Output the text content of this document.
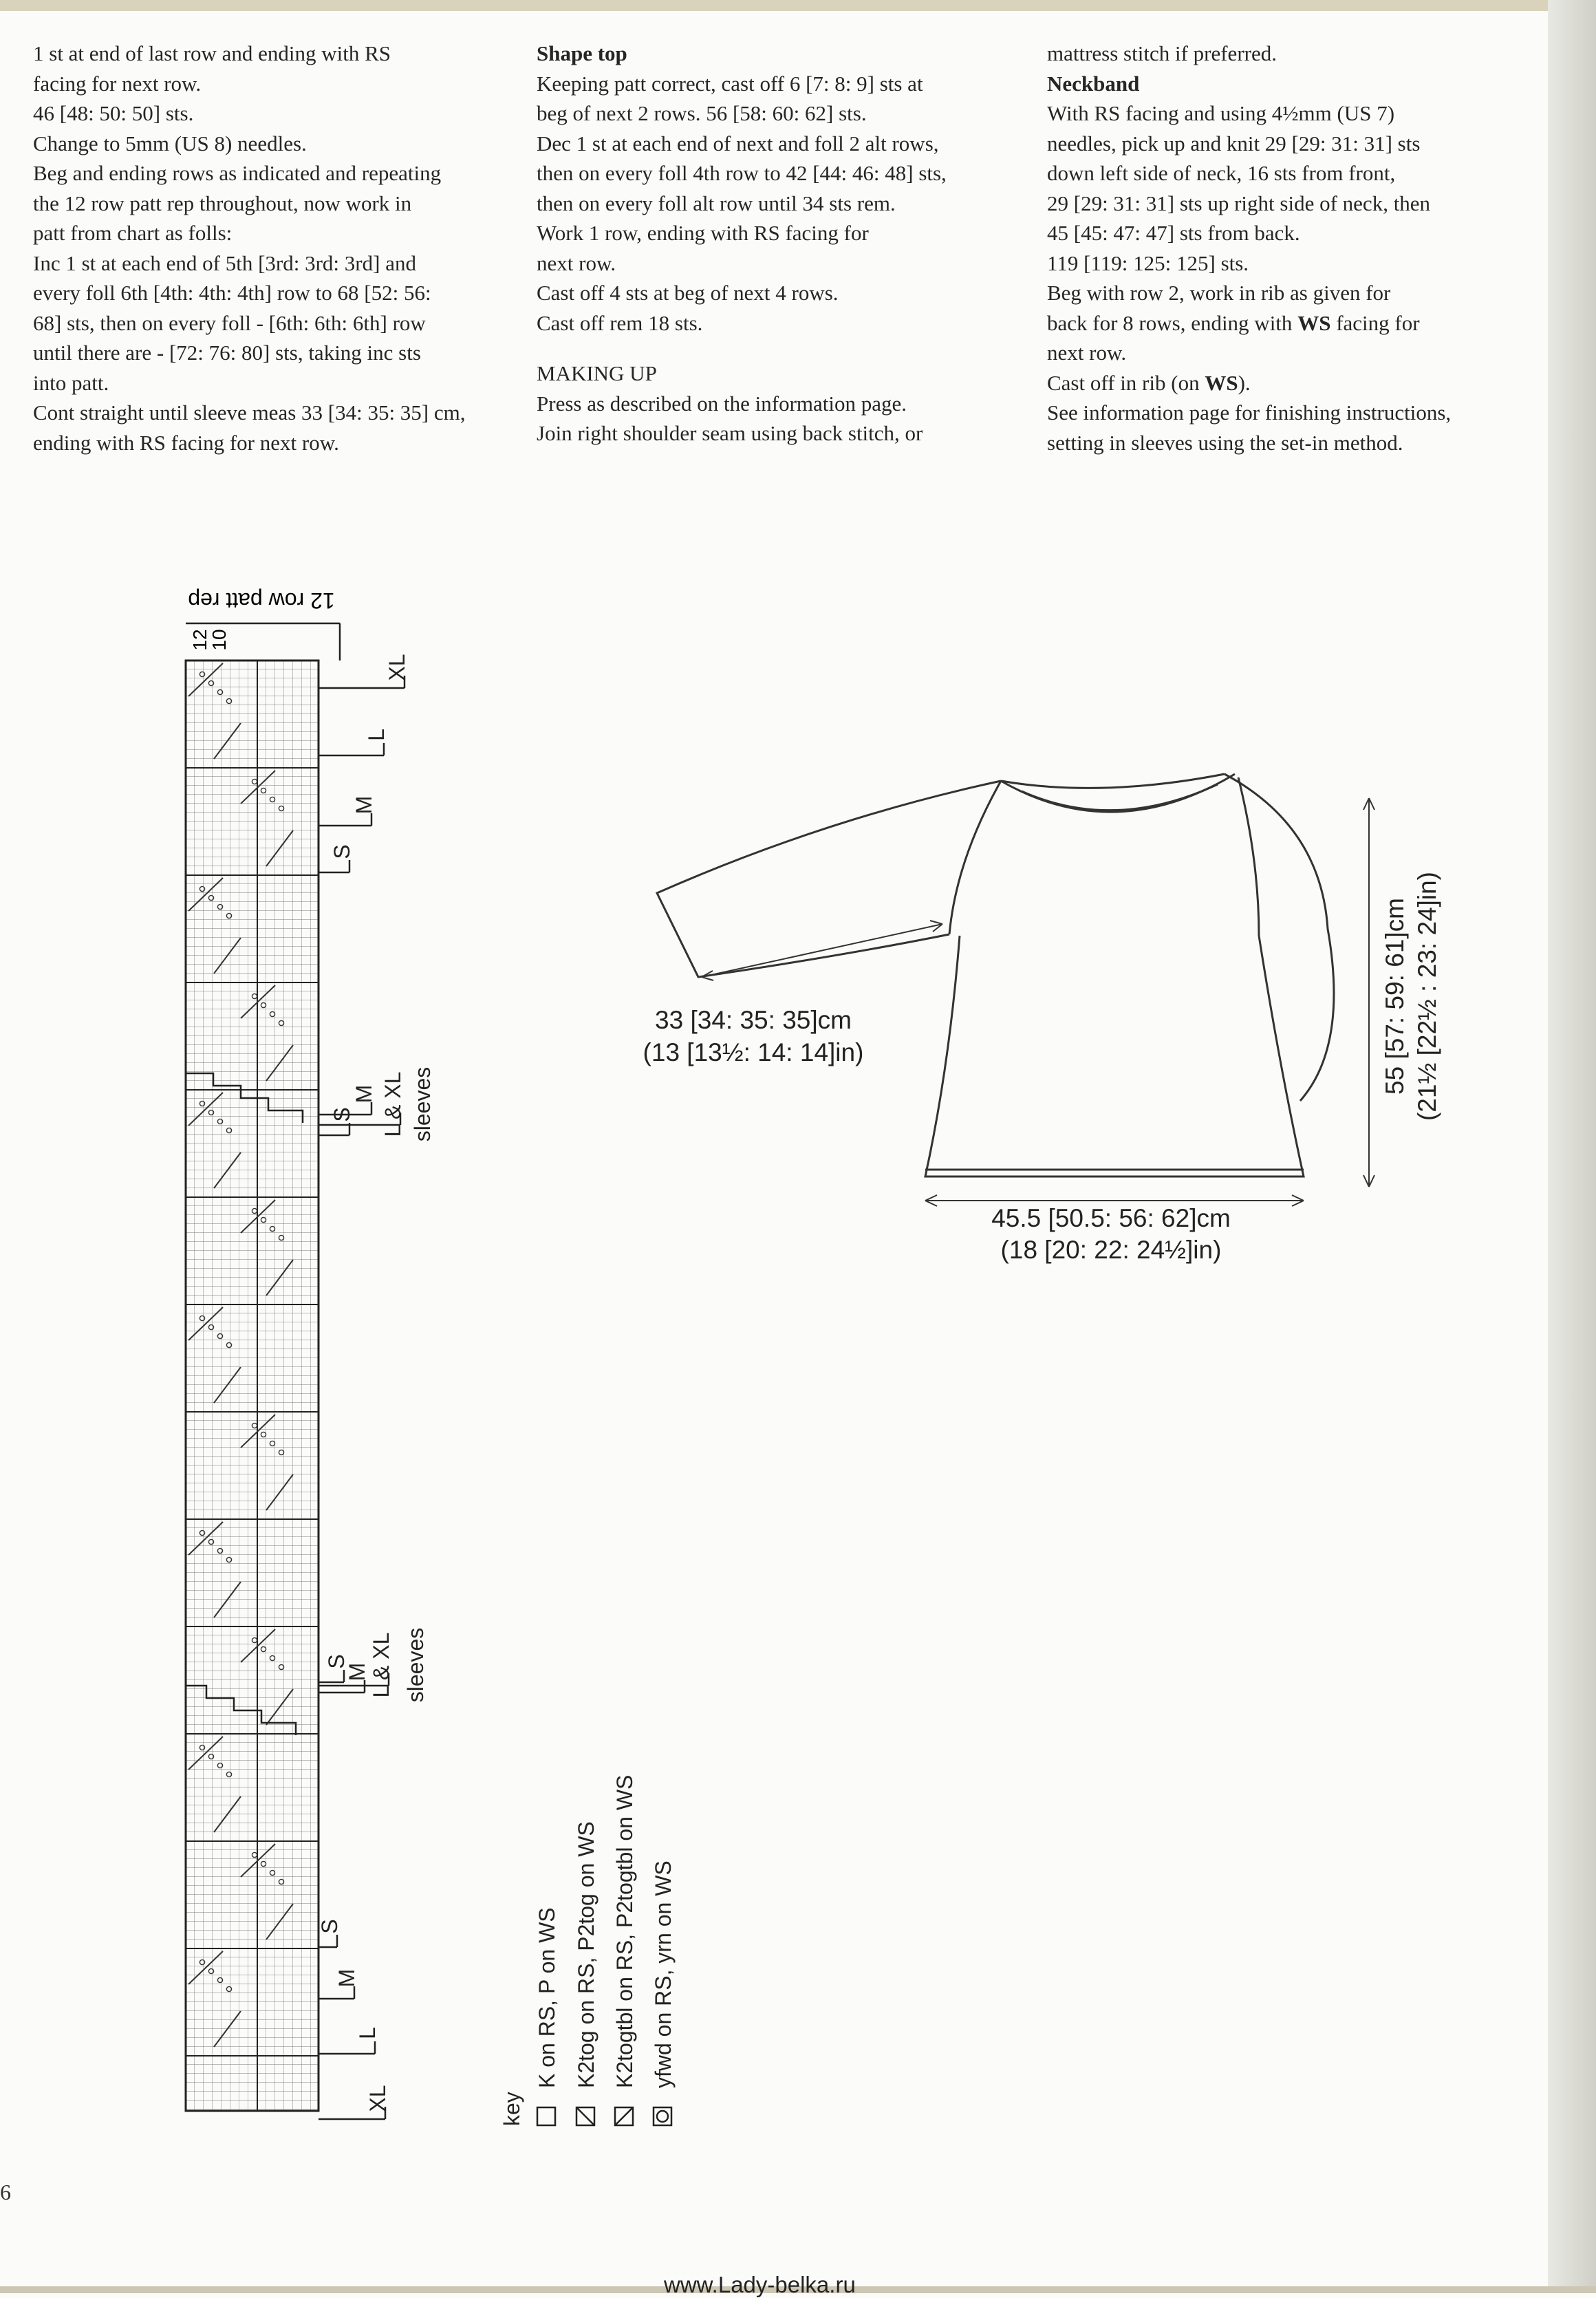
1 st at end of last row and ending with RS

facing for next row.

46 [48: 50: 50] sts.

Change to 5mm (US 8) needles.

Beg and ending rows as indicated and repeating

the 12 row patt rep throughout, now work in

patt from chart as folls:

Inc 1 st at each end of 5th [3rd: 3rd: 3rd] and

every foll 6th [4th: 4th: 4th] row to 68 [52: 56:

68] sts, then on every foll - [6th: 6th: 6th] row

until there are - [72: 76: 80] sts, taking inc sts

into patt.

Cont straight until sleeve meas 33 [34: 35: 35] cm,

ending with RS facing for next row.

Shape top

Keeping patt correct, cast off 6 [7: 8: 9] sts at

beg of next 2 rows. 56 [58: 60: 62] sts.

Dec 1 st at each end of next and foll 2 alt rows,

then on every foll 4th row to 42 [44: 46: 48] sts,

then on every foll alt row until 34 sts rem.

Work 1 row, ending with RS facing for

next row.

Cast off 4 sts at beg of next 4 rows.

Cast off rem 18 sts.

MAKING UP

Press as described on the information page.

Join right shoulder seam using back stitch, or

mattress stitch if preferred.

Neckband

With RS facing and using 4½mm (US 7)

needles, pick up and knit 29 [29: 31: 31] sts

down left side of neck, 16 sts from front,

29 [29: 31: 31] sts up right side of neck, then

45 [45: 47: 47] sts from back.

119 [119: 125: 125] sts.

Beg with row 2, work in rib as given for

back for 8 rows, ending with WS facing for

next row.

Cast off in rib (on WS).

See information page for finishing instructions,

setting in sleeves using the set-in method.

12 row patt rep
12
10
XL
L
M
S
S
M L & XL sleeves
S
M L & XL sleeves
S
M
L
XL
33 [34: 35: 35]cm
(13 [13½: 14: 14]in)
45.5 [50.5: 56: 62]cm
(18 [20: 22: 24½]in)
55 [57: 59: 61]cm (21½ [22½ : 23: 24]in)
key
K on RS, P on WS K2tog on RS, P2tog on WS K2togtbl on RS, P2togtbl on WS yfwd on RS, yrn on WS
6
www.Lady-belka.ru
